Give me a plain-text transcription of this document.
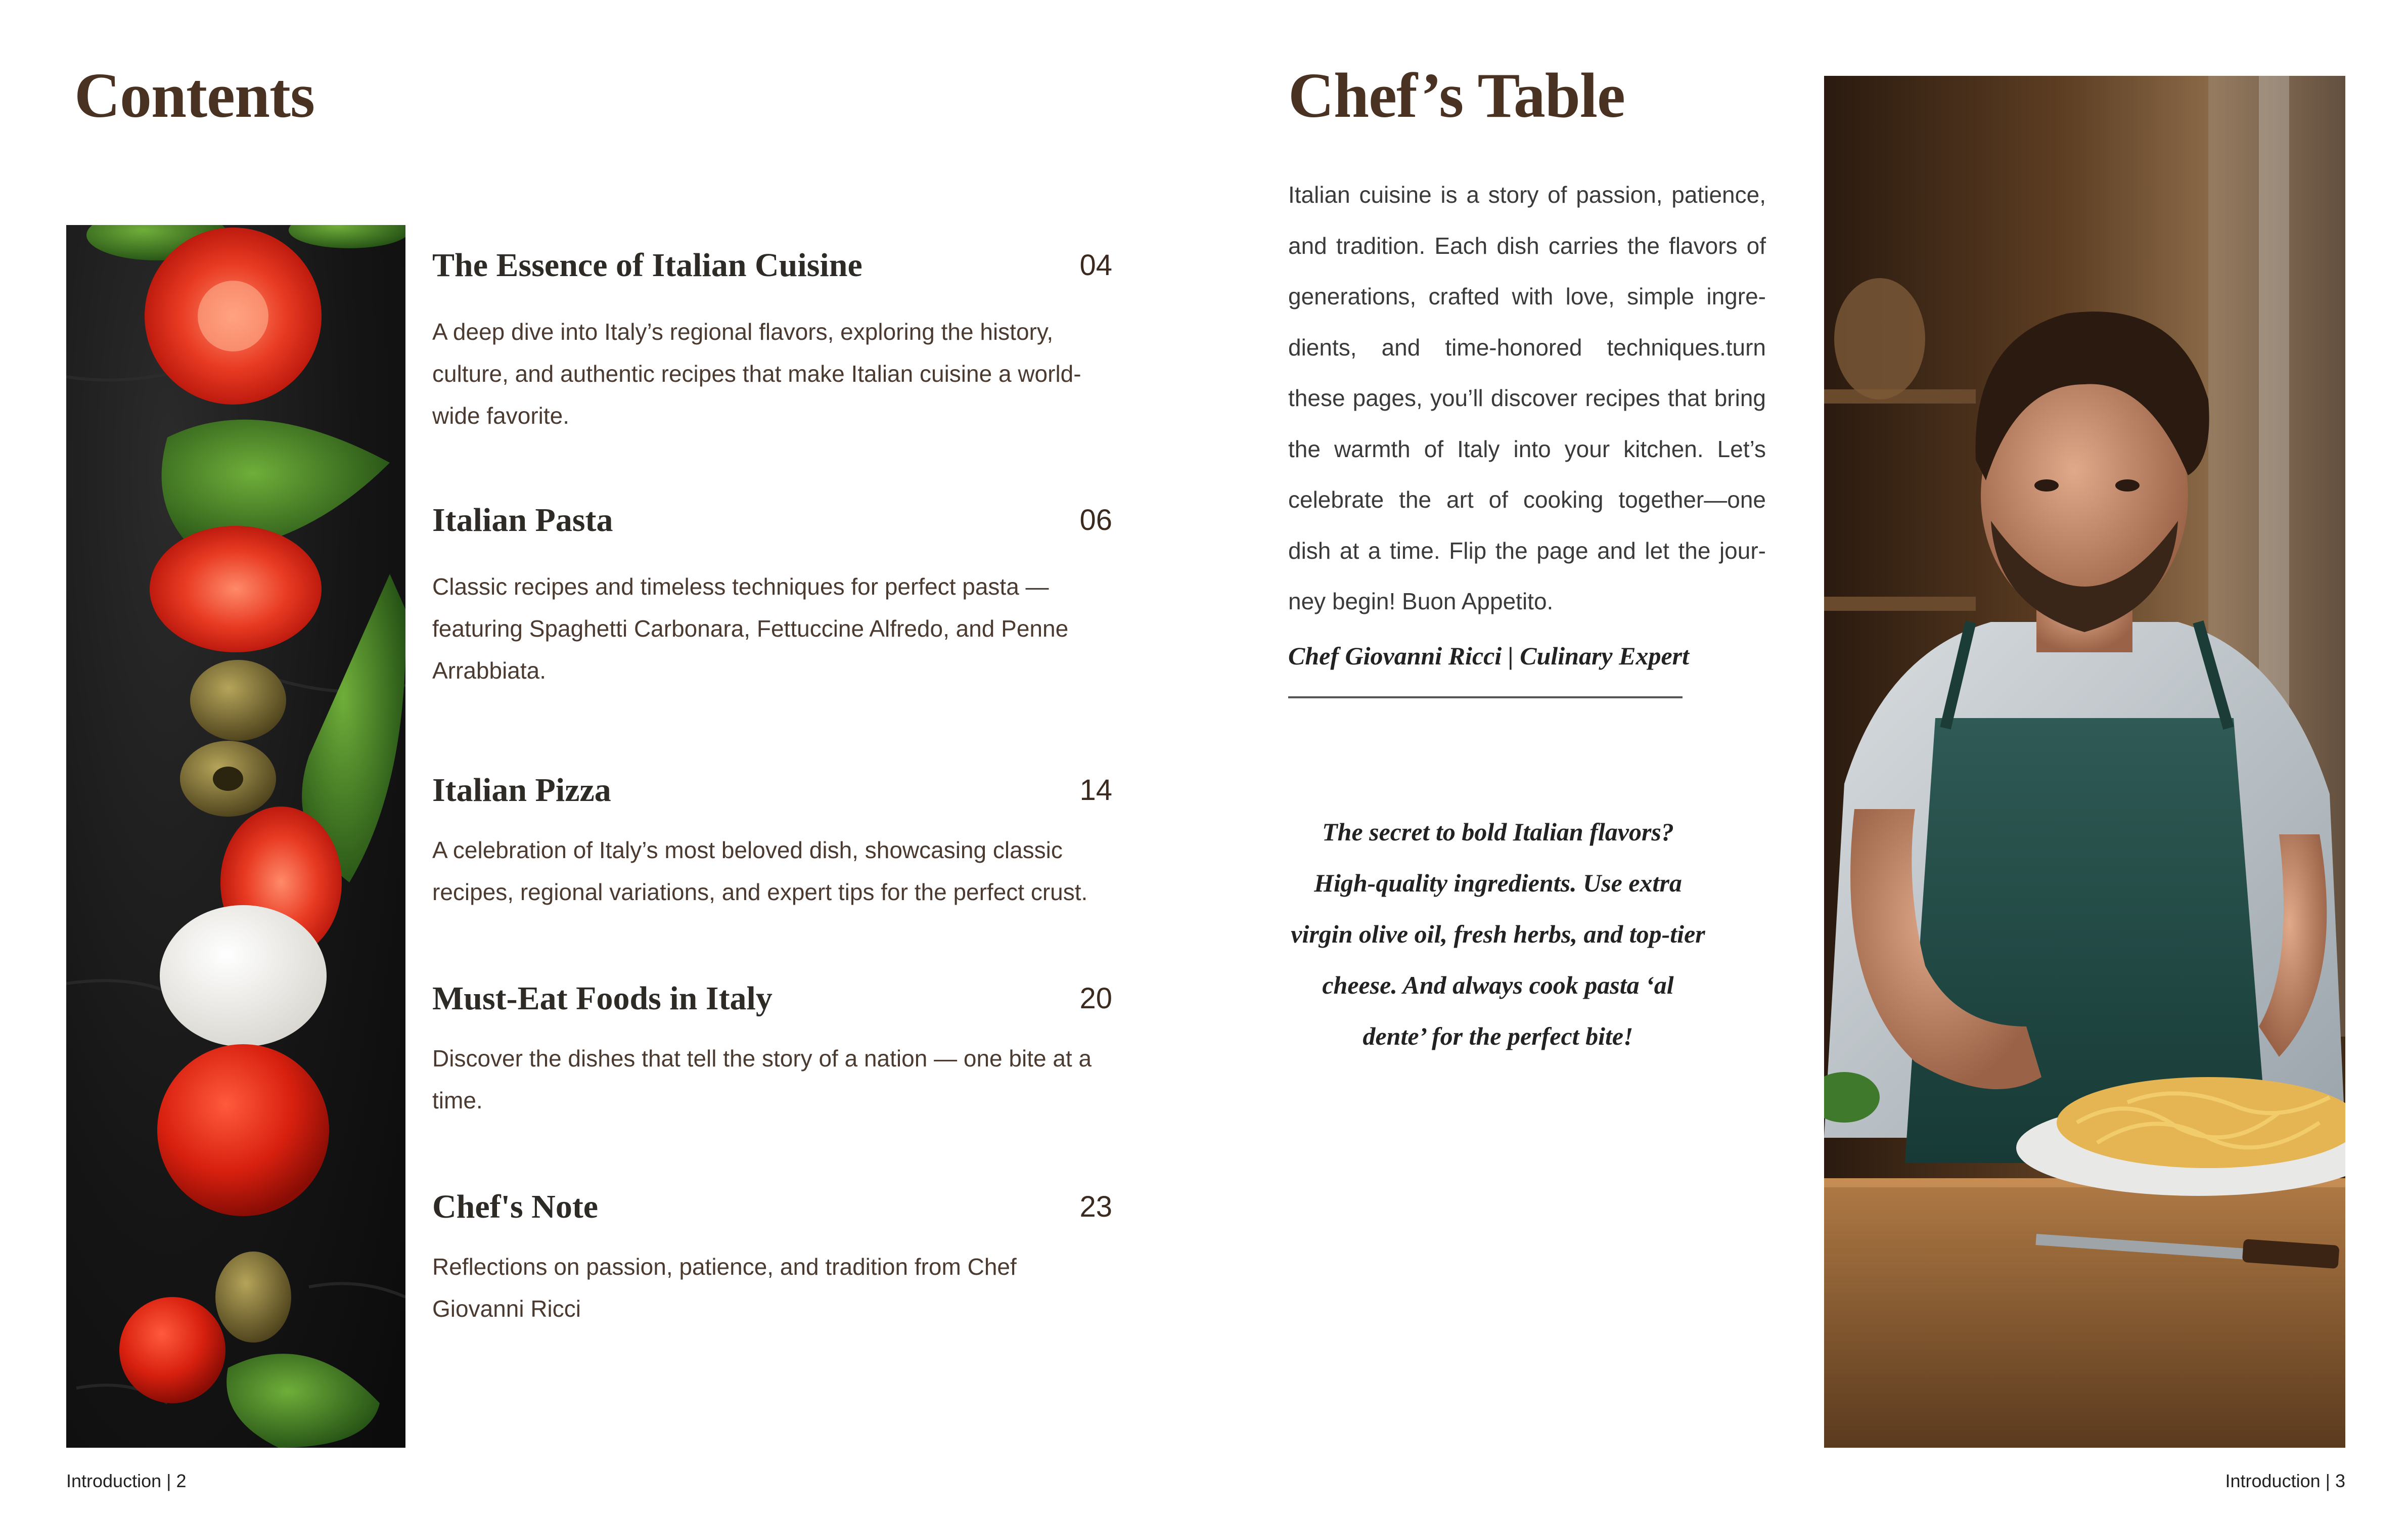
Contents
The Essence of Italian Cuisine	04
A deep dive into Italy’s regional flavors, exploring the history, culture, and authentic recipes that make Italian cuisine a world-wide favorite.
Italian Pasta	06
Classic recipes and timeless techniques for perfect pasta — featuring Spaghetti Carbonara, Fettuccine Alfredo, and Penne Arrabbiata.
Italian Pizza	14
A celebration of Italy’s most beloved dish, showcasing classic recipes, regional variations, and expert tips for the perfect crust.
Must-Eat Foods in Italy	20
Discover the dishes that tell the story of a nation — one bite at a time.
Chef's Note	23
Reflections on passion, patience, and tradition from Chef Giovanni Ricci
Introduction | 2
Chef’s Table
Italian cuisine is a story of passion, patience, and tradition. Each dish carries the flavors of generations, crafted with love, simple ingre-dients, and time-honored techniques.turn these pages, you’ll discover recipes that bring the warmth of Italy into your kitchen. Let’s celebrate the art of cooking together—one dish at a time. Flip the page and let the jour-ney begin! Buon Appetito.
Chef Giovanni Ricci | Culinary Expert
The secret to bold Italian flavors? High-quality ingredients. Use extra virgin olive oil, fresh herbs, and top-tier cheese. And always cook pasta ‘al dente’ for the perfect bite!
Introduction | 3
